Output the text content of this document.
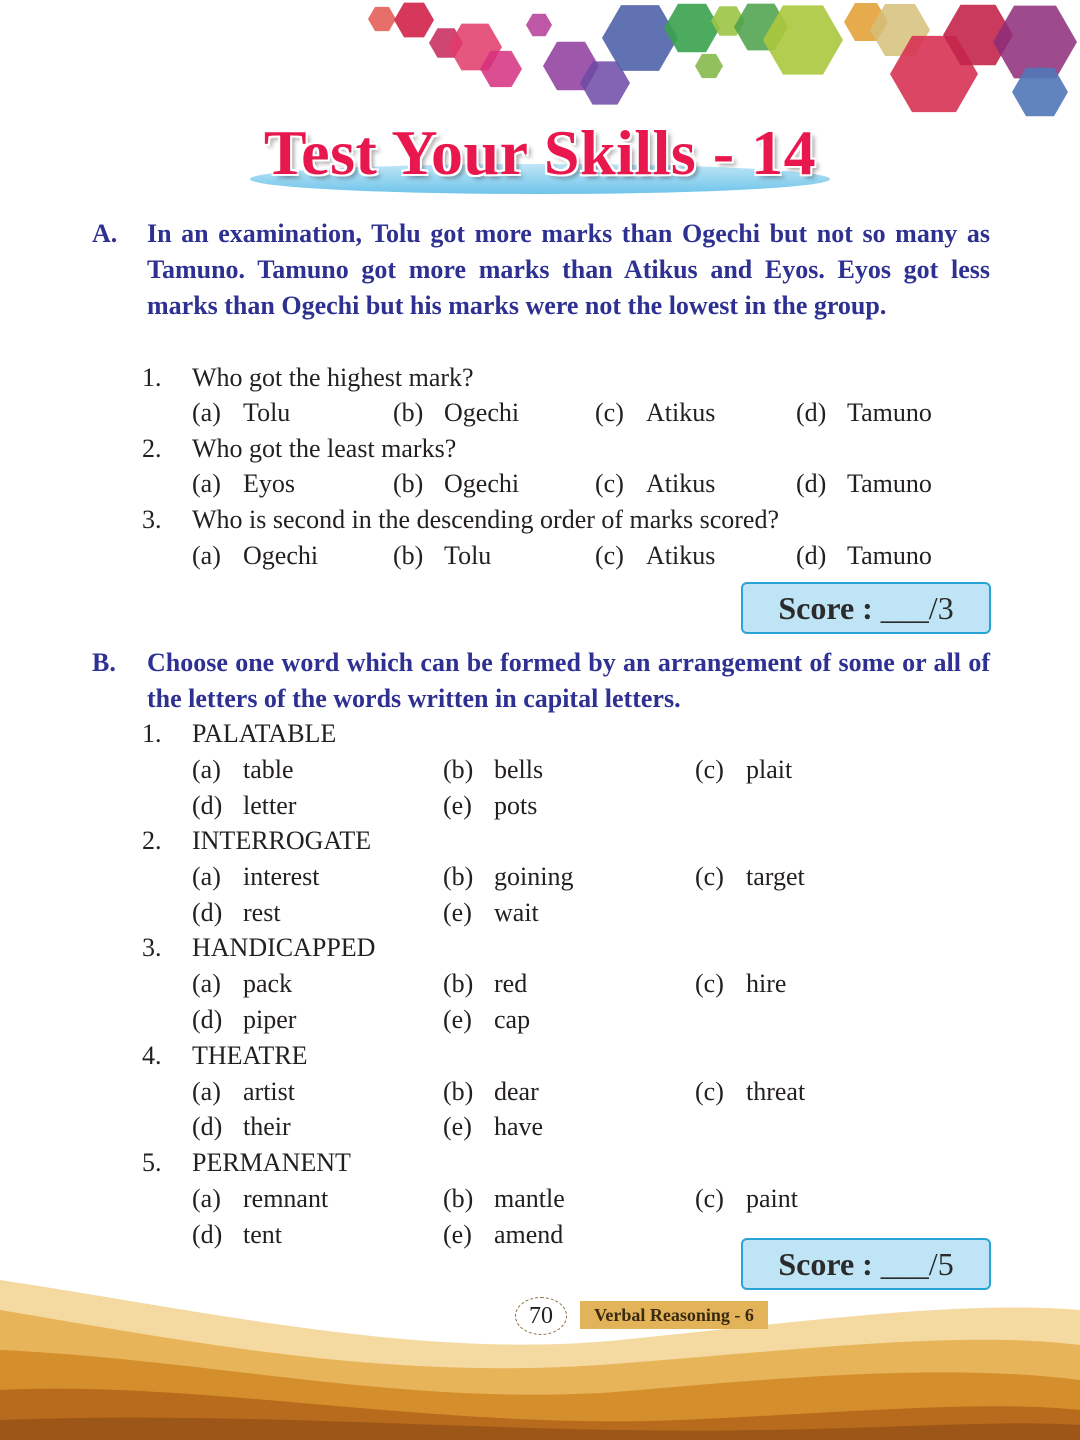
Test Your Skills - 14
A. In an examination, Tolu got more marks than Ogechi but not so many as Tamuno. Tamuno got more marks than Atikus and Eyos. Eyos got less marks than Ogechi but his marks were not the lowest in the group.
1. Who got the highest mark?
(a) Tolu	(b) Ogechi	(c) Atikus	(d) Tamuno
2. Who got the least marks?
(a) Eyos	(b) Ogechi	(c) Atikus	(d) Tamuno
3. Who is second in the descending order of marks scored?
(a) Ogechi	(b) Tolu	(c) Atikus	(d) Tamuno
Score : ___/3
B. Choose one word which can be formed by an arrangement of some or all of the letters of the words written in capital letters.
1. PALATABLE
(a) table	(b) bells	(c) plait
(d) letter	(e) pots
2. INTERROGATE
(a) interest	(b) goining	(c) target
(d) rest	(e) wait
3. HANDICAPPED
(a) pack	(b) red	(c) hire
(d) piper	(e) cap
4. THEATRE
(a) artist	(b) dear	(c) threat
(d) their	(e) have
5. PERMANENT
(a) remnant	(b) mantle	(c) paint
(d) tent	(e) amend
Score : ___/5
70	Verbal Reasoning - 6
